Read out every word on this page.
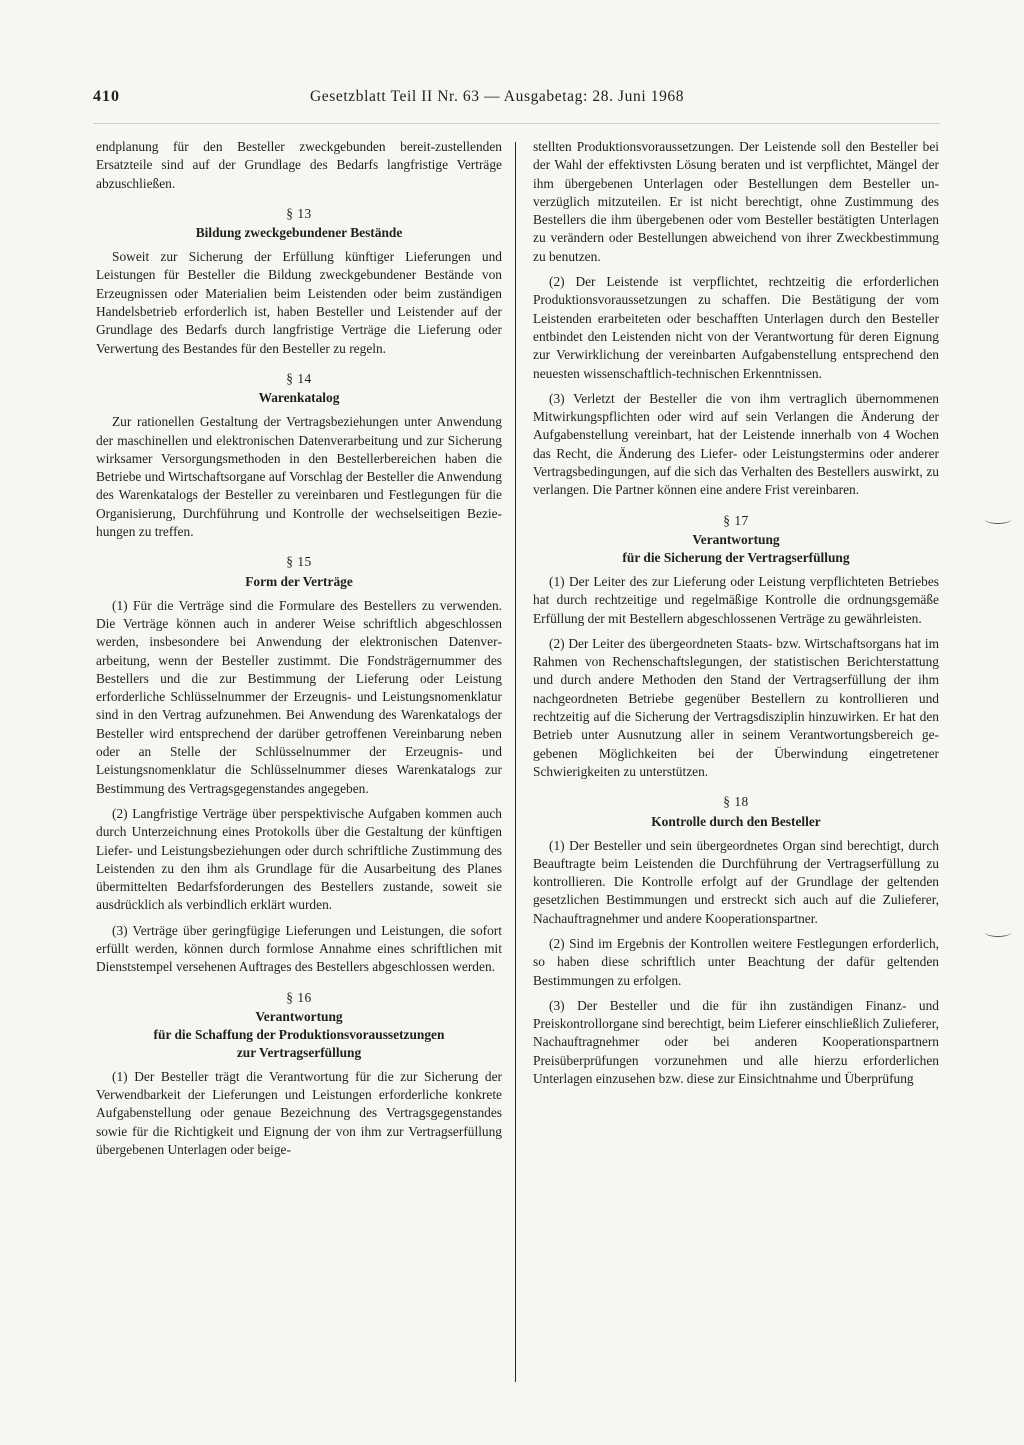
410	Gesetzblatt Teil II Nr. 63 — Ausgabetag: 28. Juni 1968

endplanung für den Besteller zweckgebunden bereit-zustellenden Ersatzteile sind auf der Grundlage des Bedarfs langfristige Verträge abzuschließen.

§ 13
Bildung zweckgebundener Bestände

Soweit zur Sicherung der Erfüllung künftiger Lieferungen und Leistungen für Besteller die Bildung zweckgebundener Bestände von Erzeugnissen oder Materialien beim Leistenden oder beim zuständigen Handelsbetrieb erforderlich ist, haben Besteller und Leistender auf der Grundlage des Bedarfs durch langfristige Verträge die Lieferung oder Verwertung des Bestandes für den Besteller zu regeln.

§ 14
Warenkatalog

Zur rationellen Gestaltung der Vertragsbeziehungen unter Anwendung der maschinellen und elektronischen Datenverarbeitung und zur Sicherung wirksamer Versorgungsmethoden in den Bestellerbereichen haben die Betriebe und Wirtschaftsorgane auf Vorschlag der Besteller die Anwendung des Warenkatalogs der Besteller zu vereinbaren und Festlegungen für die Organisierung, Durchführung und Kontrolle der wechselseitigen Beziehungen zu treffen.

§ 15
Form der Verträge

(1) Für die Verträge sind die Formulare des Bestellers zu verwenden. Die Verträge können auch in anderer Weise schriftlich abgeschlossen werden, insbesondere bei Anwendung der elektronischen Datenverarbeitung, wenn der Besteller zustimmt. Die Fondsträgernummer des Bestellers und die zur Bestimmung der Lieferung oder Leistung erforderliche Schlüsselnummer der Erzeugnis- und Leistungsnomenklatur sind in den Vertrag aufzunehmen. Bei Anwendung des Warenkatalogs der Besteller wird entsprechend der darüber getroffenen Vereinbarung neben oder an Stelle der Schlüsselnummer der Erzeugnis- und Leistungsnomenklatur die Schlüsselnummer dieses Warenkatalogs zur Bestimmung des Vertragsgegenstandes angegeben.

(2) Langfristige Verträge über perspektivische Aufgaben kommen auch durch Unterzeichnung eines Protokolls über die Gestaltung der künftigen Liefer- und Leistungsbeziehungen oder durch schriftliche Zustimmung des Leistenden zu den ihm als Grundlage für die Ausarbeitung des Planes übermittelten Bedarfsforderungen des Bestellers zustande, soweit sie ausdrücklich als verbindlich erklärt wurden.

(3) Verträge über geringfügige Lieferungen und Leistungen, die sofort erfüllt werden, können durch formlose Annahme eines schriftlichen mit Dienststempel versehenen Auftrages des Bestellers abgeschlossen werden.

§ 16
Verantwortung
für die Schaffung der Produktionsvoraussetzungen
zur Vertragserfüllung

(1) Der Besteller trägt die Verantwortung für die zur Sicherung der Verwendbarkeit der Lieferungen und Leistungen erforderliche konkrete Aufgabenstellung oder genaue Bezeichnung des Vertragsgegenstandes sowie für die Richtigkeit und Eignung der von ihm zur Vertragserfüllung übergebenen Unterlagen oder beige-

stellten Produktionsvoraussetzungen. Der Leistende soll den Besteller bei der Wahl der effektivsten Lösung beraten und ist verpflichtet, Mängel der ihm übergebenen Unterlagen oder Bestellungen dem Besteller unverzüglich mitzuteilen. Er ist nicht berechtigt, ohne Zustimmung des Bestellers die ihm übergebenen oder vom Besteller bestätigten Unterlagen zu verändern oder Bestellungen abweichend von ihrer Zweckbestimmung zu benutzen.

(2) Der Leistende ist verpflichtet, rechtzeitig die erforderlichen Produktionsvoraussetzungen zu schaffen. Die Bestätigung der vom Leistenden erarbeiteten oder beschafften Unterlagen durch den Besteller entbindet den Leistenden nicht von der Verantwortung für deren Eignung zur Verwirklichung der vereinbarten Aufgabenstellung entsprechend den neuesten wissenschaftlich-technischen Erkenntnissen.

(3) Verletzt der Besteller die von ihm vertraglich übernommenen Mitwirkungspflichten oder wird auf sein Verlangen die Änderung der Aufgabenstellung vereinbart, hat der Leistende innerhalb von 4 Wochen das Recht, die Änderung des Liefer- oder Leistungstermins oder anderer Vertragsbedingungen, auf die sich das Verhalten des Bestellers auswirkt, zu verlangen. Die Partner können eine andere Frist vereinbaren.

§ 17
Verantwortung
für die Sicherung der Vertragserfüllung

(1) Der Leiter des zur Lieferung oder Leistung verpflichteten Betriebes hat durch rechtzeitige und regelmäßige Kontrolle die ordnungsgemäße Erfüllung der mit Bestellern abgeschlossenen Verträge zu gewährleisten.

(2) Der Leiter des übergeordneten Staats- bzw. Wirtschaftsorgans hat im Rahmen von Rechenschaftslegungen, der statistischen Berichterstattung und durch andere Methoden den Stand der Vertragserfüllung der ihm nachgeordneten Betriebe gegenüber Bestellern zu kontrollieren und rechtzeitig auf die Sicherung der Vertragsdisziplin hinzuwirken. Er hat den Betrieb unter Ausnutzung aller in seinem Verantwortungsbereich gegebenen Möglichkeiten bei der Überwindung eingetretener Schwierigkeiten zu unterstützen.

§ 18
Kontrolle durch den Besteller

(1) Der Besteller und sein übergeordnetes Organ sind berechtigt, durch Beauftragte beim Leistenden die Durchführung der Vertragserfüllung zu kontrollieren. Die Kontrolle erfolgt auf der Grundlage der geltenden gesetzlichen Bestimmungen und erstreckt sich auch auf die Zulieferer, Nachauftragnehmer und andere Kooperationspartner.

(2) Sind im Ergebnis der Kontrollen weitere Festlegungen erforderlich, so haben diese schriftlich unter Beachtung der dafür geltenden Bestimmungen zu erfolgen.

(3) Der Besteller und die für ihn zuständigen Finanz- und Preiskontrollorgane sind berechtigt, beim Lieferer einschließlich Zulieferer, Nachauftragnehmer oder bei anderen Kooperationspartnern Preisüberprüfungen vorzunehmen und alle hierzu erforderlichen Unterlagen einzusehen bzw. diese zur Einsichtnahme und Überprüfung
